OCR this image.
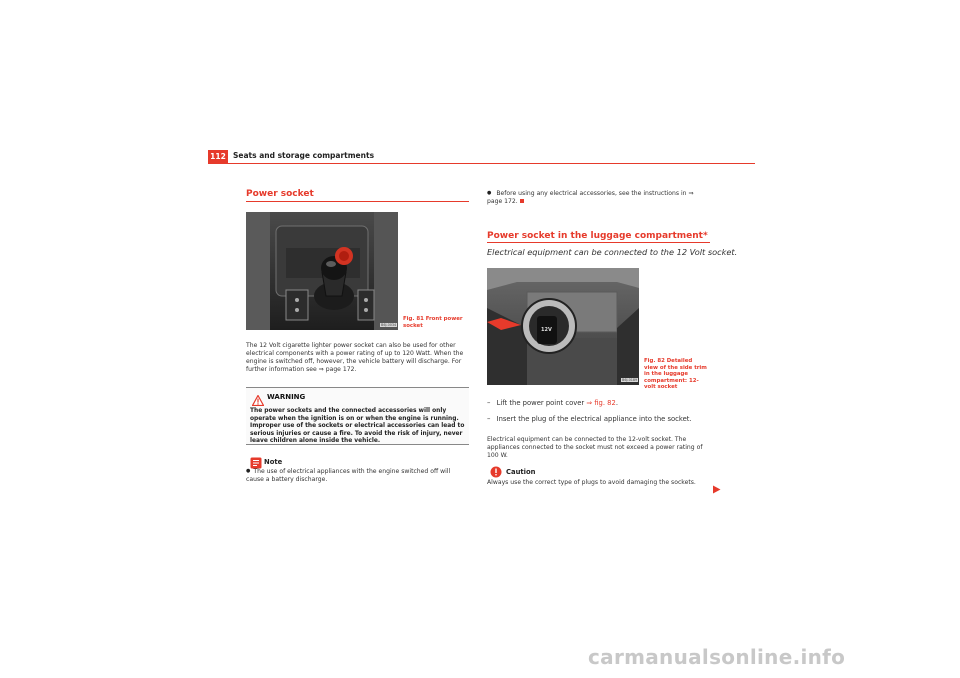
112 Seats and storage compartments
Power socket
B6J-0034
Fig. 81 Front power socket
The 12 Volt cigarette lighter power socket can also be used for other electrical components with a power rating of up to 120 Watt. When the engine is switched off, however, the vehicle battery will discharge. For further information see ⇒ page 172.
WARNING
The power sockets and the connected accessories will only operate when the ignition is on or when the engine is running. Improper use of the sockets or electrical accessories can lead to serious injuries or cause a fire. To avoid the risk of injury, never leave children alone inside the vehicle.
Note
● The use of electrical appliances with the engine switched off will cause a battery discharge.
● Before using any electrical accessories, see the instructions in ⇒ page 172.
Power socket in the luggage compartment*
Electrical equipment can be connected to the 12 Volt socket.
12V
B6J-0189
Fig. 82 Detailed view of the side trim in the luggage compartment: 12-volt socket
– Lift the power point cover ⇒ fig. 82.
– Insert the plug of the electrical appliance into the socket.
Electrical equipment can be connected to the 12-volt socket. The appliances connected to the socket must not exceed a power rating of 100 W.
Caution
Always use the correct type of plugs to avoid damaging the sockets.
carmanualsonline.info
